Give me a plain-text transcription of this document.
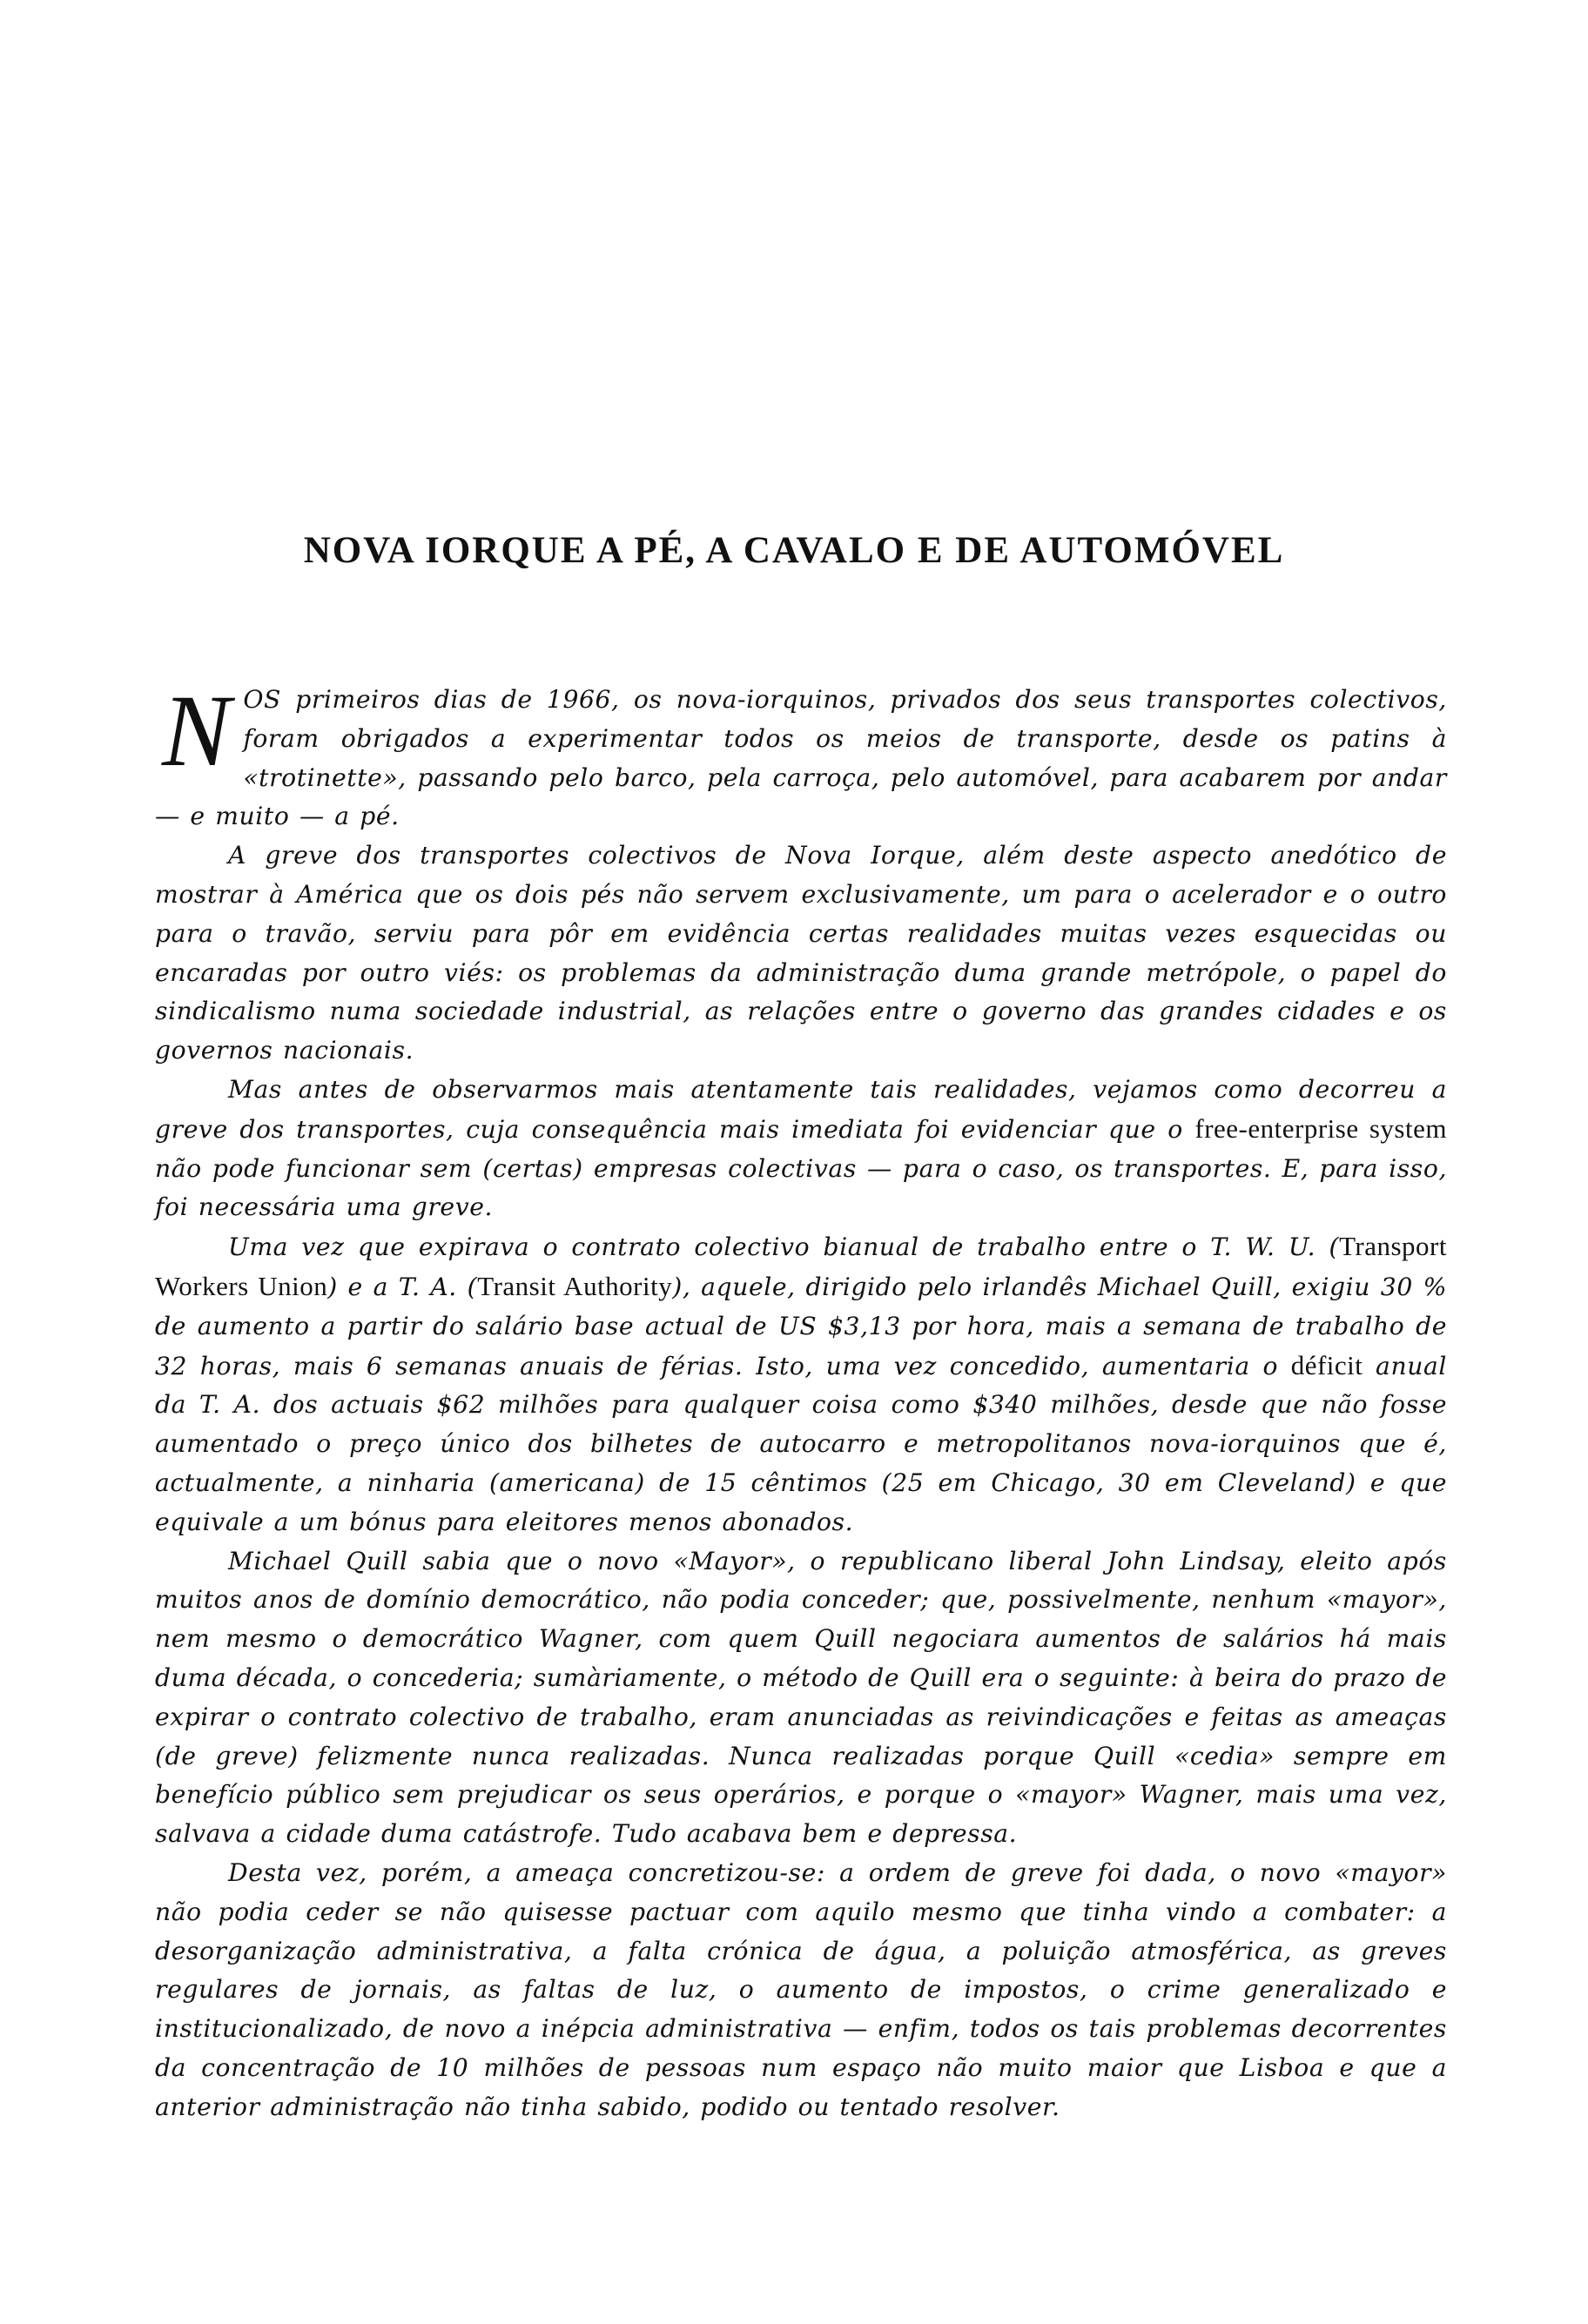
NOVA IORQUE A PÉ, A CAVALO E DE AUTOMÓVEL

NOS primeiros dias de 1966, os nova-iorquinos, privados dos seus transportes colectivos, foram obrigados a experimentar todos os meios de transporte, desde os patins à «trotinette», passando pelo barco, pela carroça, pelo automóvel, para acabarem por andar — e muito — a pé.

A greve dos transportes colectivos de Nova Iorque, além deste aspecto anedótico de mostrar à América que os dois pés não servem exclusivamente, um para o acelerador e o outro para o travão, serviu para pôr em evidência certas realidades muitas vezes esquecidas ou encaradas por outro viés: os problemas da administração duma grande metrópole, o papel do sindicalismo numa sociedade industrial, as relações entre o governo das grandes cidades e os governos nacionais.

Mas antes de observarmos mais atentamente tais realidades, vejamos como decorreu a greve dos transportes, cuja consequência mais imediata foi evidenciar que o free-enterprise system não pode funcionar sem (certas) empresas colectivas — para o caso, os transportes. E, para isso, foi necessária uma greve.

Uma vez que expirava o contrato colectivo bianual de trabalho entre o T. W. U. (Transport Workers Union) e a T. A. (Transit Authority), aquele, dirigido pelo irlandês Michael Quill, exigiu 30 % de aumento a partir do salário base actual de US $3,13 por hora, mais a semana de trabalho de 32 horas, mais 6 semanas anuais de férias. Isto, uma vez concedido, aumentaria o déficit anual da T. A. dos actuais $62 milhões para qualquer coisa como $340 milhões, desde que não fosse aumentado o preço único dos bilhetes de autocarro e metropolitanos nova-iorquinos que é, actualmente, a ninharia (americana) de 15 cêntimos (25 em Chicago, 30 em Cleveland) e que equivale a um bónus para eleitores menos abonados.

Michael Quill sabia que o novo «Mayor», o republicano liberal John Lindsay, eleito após muitos anos de domínio democrático, não podia conceder; que, possivelmente, nenhum «mayor», nem mesmo o democrático Wagner, com quem Quill negociara aumentos de salários há mais duma década, o concederia; sumàriamente, o método de Quill era o seguinte: à beira do prazo de expirar o contrato colectivo de trabalho, eram anunciadas as reivindicações e feitas as ameaças (de greve) felizmente nunca realizadas. Nunca realizadas porque Quill «cedia» sempre em benefício público sem prejudicar os seus operários, e porque o «mayor» Wagner, mais uma vez, salvava a cidade duma catástrofe. Tudo acabava bem e depressa.

Desta vez, porém, a ameaça concretizou-se: a ordem de greve foi dada, o novo «mayor» não podia ceder se não quisesse pactuar com aquilo mesmo que tinha vindo a combater: a desorganização administrativa, a falta crónica de água, a poluição atmosférica, as greves regulares de jornais, as faltas de luz, o aumento de impostos, o crime generalizado e institucionalizado, de novo a inépcia administrativa — enfim, todos os tais problemas decorrentes da concentração de 10 milhões de pessoas num espaço não muito maior que Lisboa e que a anterior administração não tinha sabido, podido ou tentado resolver.
